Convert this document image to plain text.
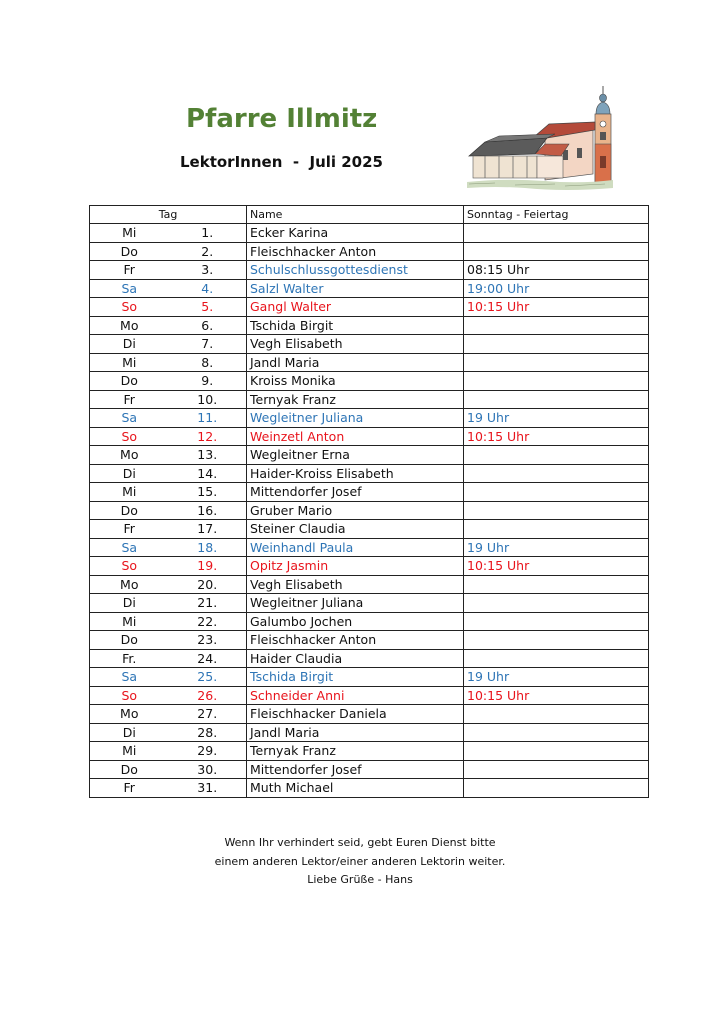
Pfarre Illmitz
LektorInnen  -  Juli 2025
Tag		Name	Sonntag - Feiertag
Mi	1.	Ecker Karina	
Do	2.	Fleischhacker Anton	
Fr	3.	Schulschlussgottesdienst	08:15 Uhr
Sa	4.	Salzl Walter	19:00 Uhr
So	5.	Gangl Walter	10:15 Uhr
Mo	6.	Tschida Birgit	
Di	7.	Vegh Elisabeth	
Mi	8.	Jandl Maria	
Do	9.	Kroiss Monika	
Fr	10.	Ternyak Franz	
Sa	11.	Wegleitner Juliana	19 Uhr
So	12.	Weinzetl Anton	10:15 Uhr
Mo	13.	Wegleitner Erna	
Di	14.	Haider-Kroiss Elisabeth	
Mi	15.	Mittendorfer Josef	
Do	16.	Gruber Mario	
Fr	17.	Steiner Claudia	
Sa	18.	Weinhandl Paula	19 Uhr
So	19.	Opitz Jasmin	10:15 Uhr
Mo	20.	Vegh Elisabeth	
Di	21.	Wegleitner Juliana	
Mi	22.	Galumbo Jochen	
Do	23.	Fleischhacker Anton	
Fr.	24.	Haider Claudia	
Sa	25.	Tschida Birgit	19 Uhr
So	26.	Schneider Anni	10:15 Uhr
Mo	27.	Fleischhacker Daniela	
Di	28.	Jandl Maria	
Mi	29.	Ternyak Franz	
Do	30.	Mittendorfer Josef	
Fr	31.	Muth Michael	
Wenn Ihr verhindert seid, gebt Euren Dienst bitte
einem anderen Lektor/einer anderen Lektorin weiter.
Liebe Grüße - Hans
